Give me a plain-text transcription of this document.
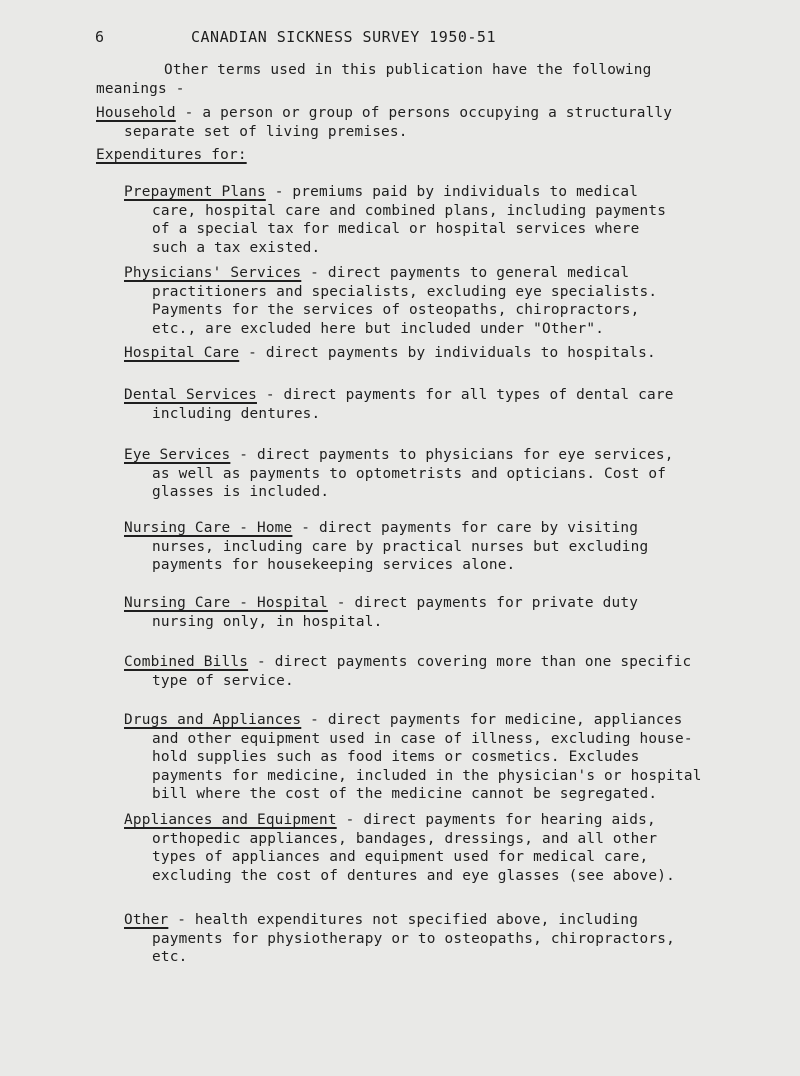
6	CANADIAN SICKNESS SURVEY 1950-51
Other terms used in this publication have the following
meanings -
Household - a person or group of persons occupying a structurally
separate set of living premises.
Expenditures for:
Prepayment Plans - premiums paid by individuals to medical
care, hospital care and combined plans, including payments
of a special tax for medical or hospital services where
such a tax existed.
Physicians' Services - direct payments to general medical
practitioners and specialists, excluding eye specialists.
Payments for the services of osteopaths, chiropractors,
etc., are excluded here but included under "Other".
Hospital Care - direct payments by individuals to hospitals.
Dental Services - direct payments for all types of dental care
including dentures.
Eye Services - direct payments to physicians for eye services,
as well as payments to optometrists and opticians. Cost of
glasses is included.
Nursing Care - Home - direct payments for care by visiting
nurses, including care by practical nurses but excluding
payments for housekeeping services alone.
Nursing Care - Hospital - direct payments for private duty
nursing only, in hospital.
Combined Bills - direct payments covering more than one specific
type of service.
Drugs and Appliances - direct payments for medicine, appliances
and other equipment used in case of illness, excluding house-
hold supplies such as food items or cosmetics. Excludes
payments for medicine, included in the physician's or hospital
bill where the cost of the medicine cannot be segregated.
Appliances and Equipment - direct payments for hearing aids,
orthopedic appliances, bandages, dressings, and all other
types of appliances and equipment used for medical care,
excluding the cost of dentures and eye glasses (see above).
Other - health expenditures not specified above, including
payments for physiotherapy or to osteopaths, chiropractors,
etc.
